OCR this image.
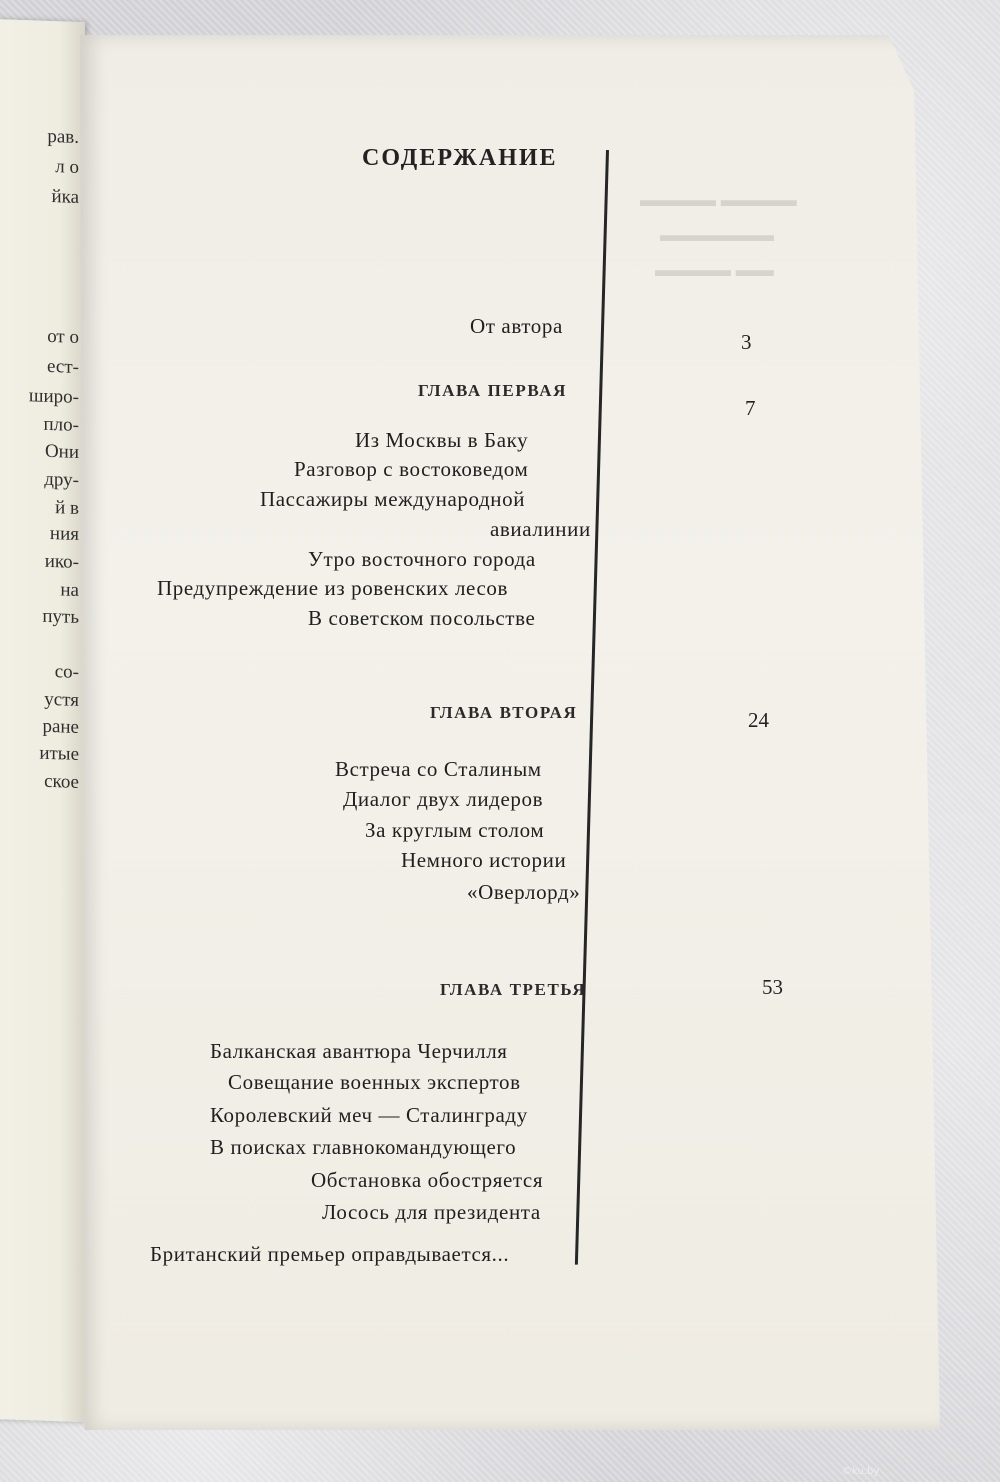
рав.
л о
йка
от о
ест-
широ-
пло-
Они
дру-
й в
ния
ико-
на
путь
со-
устя
ране
итые
ское
▬▬▬▬ ▬▬▬▬
▬▬▬▬▬▬
▬▬▬▬ ▬▬
СОДЕРЖАНИЕ
От автора
3
ГЛАВА ПЕРВАЯ
7
Из Москвы в Баку
Разговор с востоковедом
Пассажиры международной
авиалинии
Утро восточного города
Предупреждение из ровенских лесов
В советском посольстве
ГЛАВА ВТОРАЯ	24
Встреча со Сталиным
Диалог двух лидеров
За круглым столом
Немного истории
«Оверлорд»
ГЛАВА ТРЕТЬЯ	53
Балканская авантюра Черчилля
Совещание военных экспертов
Королевский меч — Сталинграду
В поисках главнокомандующего
Обстановка обостряется
Лосось для президента
Британский премьер оправдывается...
©ku.by
